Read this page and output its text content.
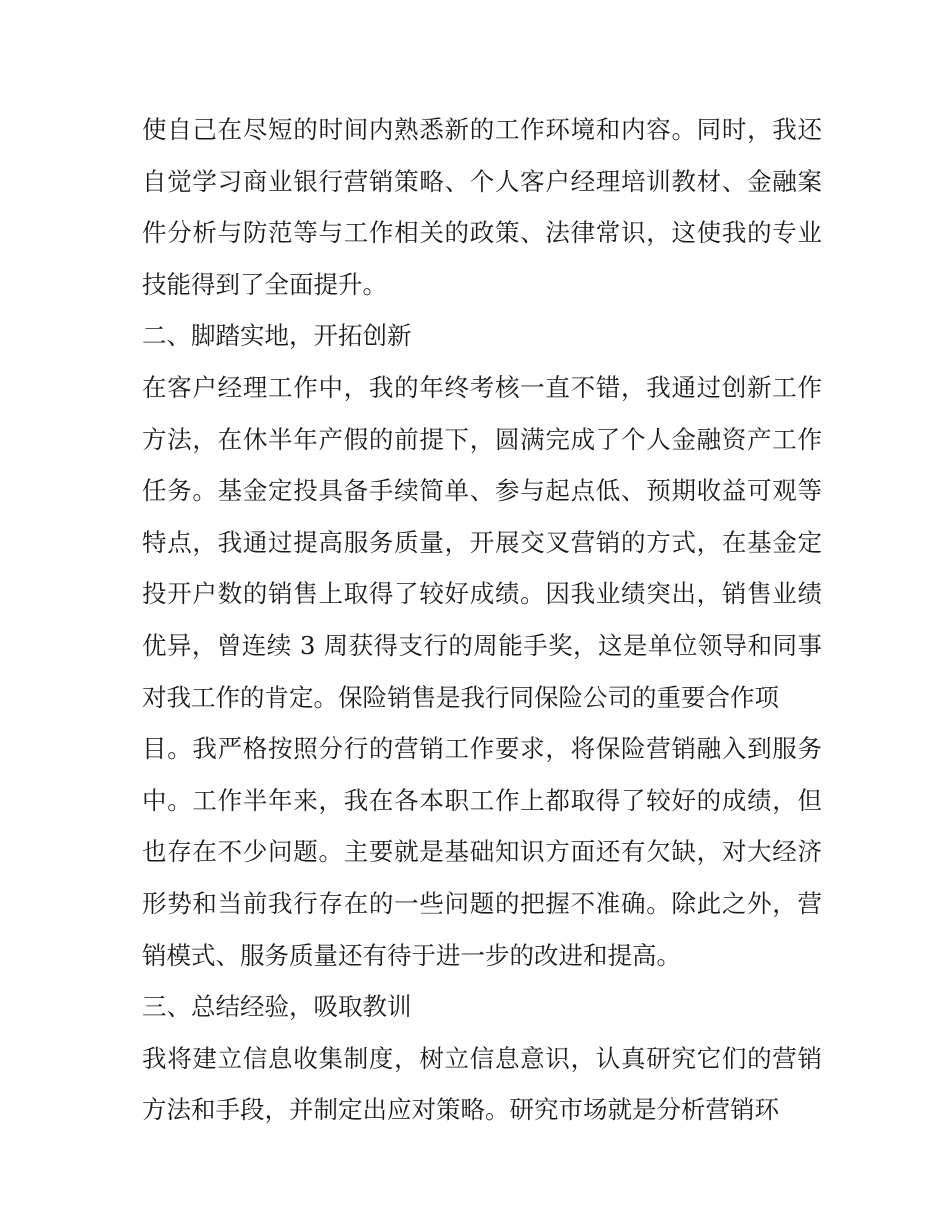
使自己在尽短的时间内熟悉新的工作环境和内容。同时，我还
自觉学习商业银行营销策略、个人客户经理培训教材、金融案
件分析与防范等与工作相关的政策、法律常识，这使我的专业
技能得到了全面提升。
二、脚踏实地，开拓创新
在客户经理工作中，我的年终考核一直不错，我通过创新工作
方法，在休半年产假的前提下，圆满完成了个人金融资产工作
任务。基金定投具备手续简单、参与起点低、预期收益可观等
特点，我通过提高服务质量，开展交叉营销的方式，在基金定
投开户数的销售上取得了较好成绩。因我业绩突出，销售业绩
优异，曾连续 3 周获得支行的周能手奖，这是单位领导和同事
对我工作的肯定。保险销售是我行同保险公司的重要合作项
目。我严格按照分行的营销工作要求，将保险营销融入到服务
中。工作半年来，我在各本职工作上都取得了较好的成绩，但
也存在不少问题。主要就是基础知识方面还有欠缺，对大经济
形势和当前我行存在的一些问题的把握不准确。除此之外，营
销模式、服务质量还有待于进一步的改进和提高。
三、总结经验，吸取教训
我将建立信息收集制度，树立信息意识，认真研究它们的营销
方法和手段，并制定出应对策略。研究市场就是分析营销环
